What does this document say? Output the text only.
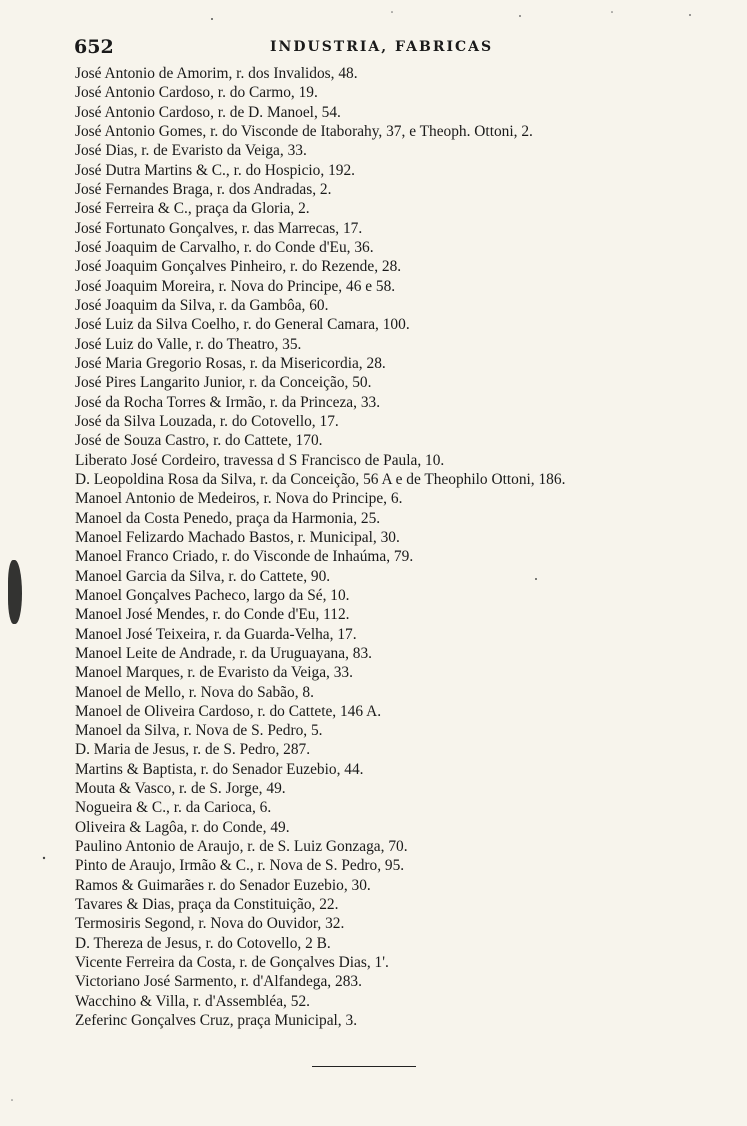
652	INDUSTRIA, FABRICAS
José Antonio de Amorim, r. dos Invalidos, 48.
José Antonio Cardoso, r. do Carmo, 19.
José Antonio Cardoso, r. de D. Manoel, 54.
José Antonio Gomes, r. do Visconde de Itaborahy, 37, e Theoph. Ottoni, 2.
José Dias, r. de Evaristo da Veiga, 33.
José Dutra Martins & C., r. do Hospicio, 192.
José Fernandes Braga, r. dos Andradas, 2.
José Ferreira & C., praça da Gloria, 2.
José Fortunato Gonçalves, r. das Marrecas, 17.
José Joaquim de Carvalho, r. do Conde d'Eu, 36.
José Joaquim Gonçalves Pinheiro, r. do Rezende, 28.
José Joaquim Moreira, r. Nova do Principe, 46 e 58.
José Joaquim da Silva, r. da Gambôa, 60.
José Luiz da Silva Coelho, r. do General Camara, 100.
José Luiz do Valle, r. do Theatro, 35.
José Maria Gregorio Rosas, r. da Misericordia, 28.
José Pires Langarito Junior, r. da Conceição, 50.
José da Rocha Torres & Irmão, r. da Princeza, 33.
José da Silva Louzada, r. do Cotovello, 17.
José de Souza Castro, r. do Cattete, 170.
Liberato José Cordeiro, travessa d S Francisco de Paula, 10.
D. Leopoldina Rosa da Silva, r. da Conceição, 56 A e de Theophilo Ottoni, 186.
Manoel Antonio de Medeiros, r. Nova do Principe, 6.
Manoel da Costa Penedo, praça da Harmonia, 25.
Manoel Felizardo Machado Bastos, r. Municipal, 30.
Manoel Franco Criado, r. do Visconde de Inhaúma, 79.
Manoel Garcia da Silva, r. do Cattete, 90.
Manoel Gonçalves Pacheco, largo da Sé, 10.
Manoel José Mendes, r. do Conde d'Eu, 112.
Manoel José Teixeira, r. da Guarda-Velha, 17.
Manoel Leite de Andrade, r. da Uruguayana, 83.
Manoel Marques, r. de Evaristo da Veiga, 33.
Manoel de Mello, r. Nova do Sabão, 8.
Manoel de Oliveira Cardoso, r. do Cattete, 146 A.
Manoel da Silva, r. Nova de S. Pedro, 5.
D. Maria de Jesus, r. de S. Pedro, 287.
Martins & Baptista, r. do Senador Euzebio, 44.
Mouta & Vasco, r. de S. Jorge, 49.
Nogueira & C., r. da Carioca, 6.
Oliveira & Lagôa, r. do Conde, 49.
Paulino Antonio de Araujo, r. de S. Luiz Gonzaga, 70.
Pinto de Araujo, Irmão & C., r. Nova de S. Pedro, 95.
Ramos & Guimarães r. do Senador Euzebio, 30.
Tavares & Dias, praça da Constituição, 22.
Termosiris Segond, r. Nova do Ouvidor, 32.
D. Thereza de Jesus, r. do Cotovello, 2 B.
Vicente Ferreira da Costa, r. de Gonçalves Dias, 1'.
Victoriano José Sarmento, r. d'Alfandega, 283.
Wacchino & Villa, r. d'Assembléa, 52.
Zeferinc Gonçalves Cruz, praça Municipal, 3.
